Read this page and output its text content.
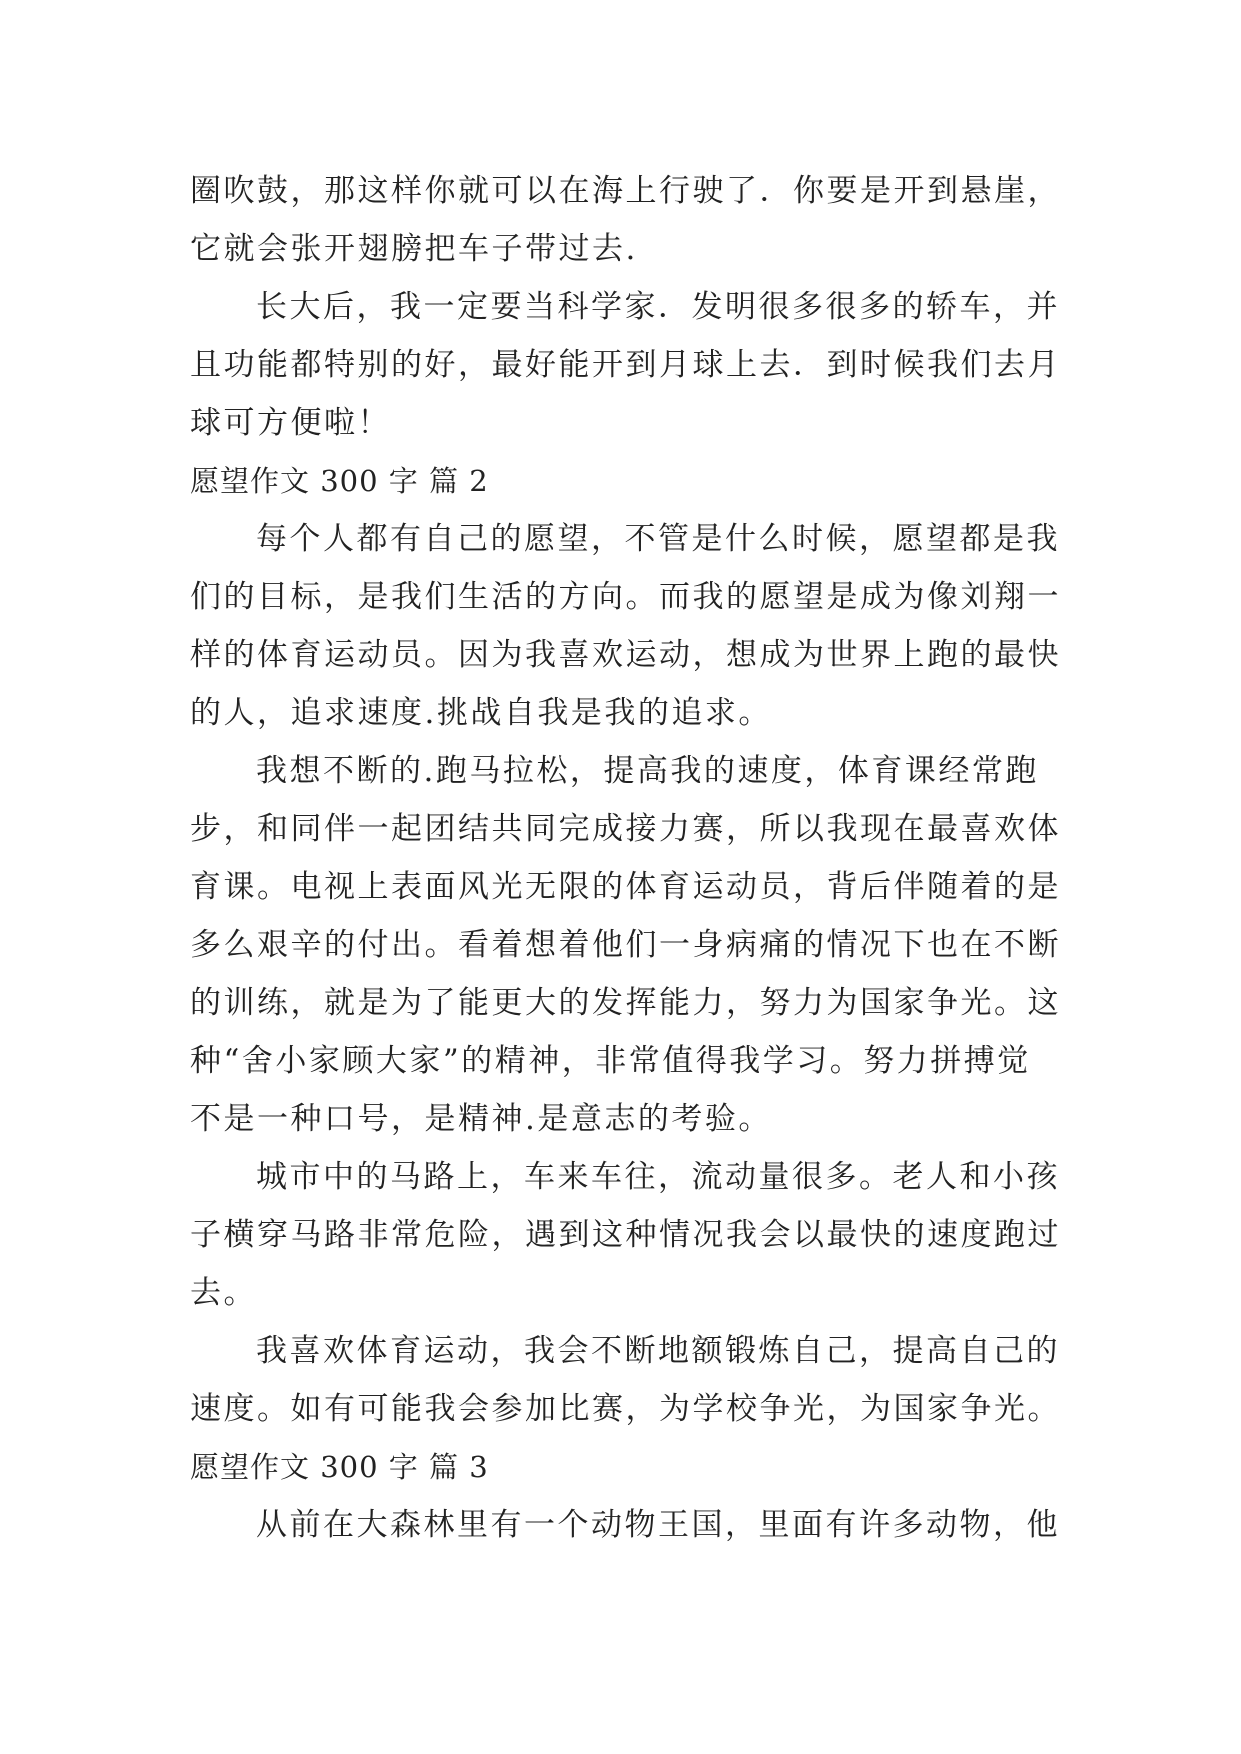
圈吹鼓，那这样你就可以在海上行驶了．你要是开到悬崖，
它就会张开翅膀把车子带过去.
长大后，我一定要当科学家．发明很多很多的轿车，并
且功能都特别的好，最好能开到月球上去．到时候我们去月
球可方便啦！
愿望作文 300 字 篇 2
每个人都有自己的愿望，不管是什么时候，愿望都是我
们的目标，是我们生活的方向。而我的愿望是成为像刘翔一
样的体育运动员。因为我喜欢运动，想成为世界上跑的最快
的人，追求速度.挑战自我是我的追求。
我想不断的.跑马拉松，提高我的速度，体育课经常跑
步，和同伴一起团结共同完成接力赛，所以我现在最喜欢体
育课。电视上表面风光无限的体育运动员，背后伴随着的是
多么艰辛的付出。看着想着他们一身病痛的情况下也在不断
的训练，就是为了能更大的发挥能力，努力为国家争光。这
种“舍小家顾大家”的精神，非常值得我学习。努力拼搏觉
不是一种口号，是精神.是意志的考验。
城市中的马路上，车来车往，流动量很多。老人和小孩
子横穿马路非常危险，遇到这种情况我会以最快的速度跑过
去。
我喜欢体育运动，我会不断地额锻炼自己，提高自己的
速度。如有可能我会参加比赛，为学校争光，为国家争光。
愿望作文 300 字 篇 3
从前在大森林里有一个动物王国，里面有许多动物，他
